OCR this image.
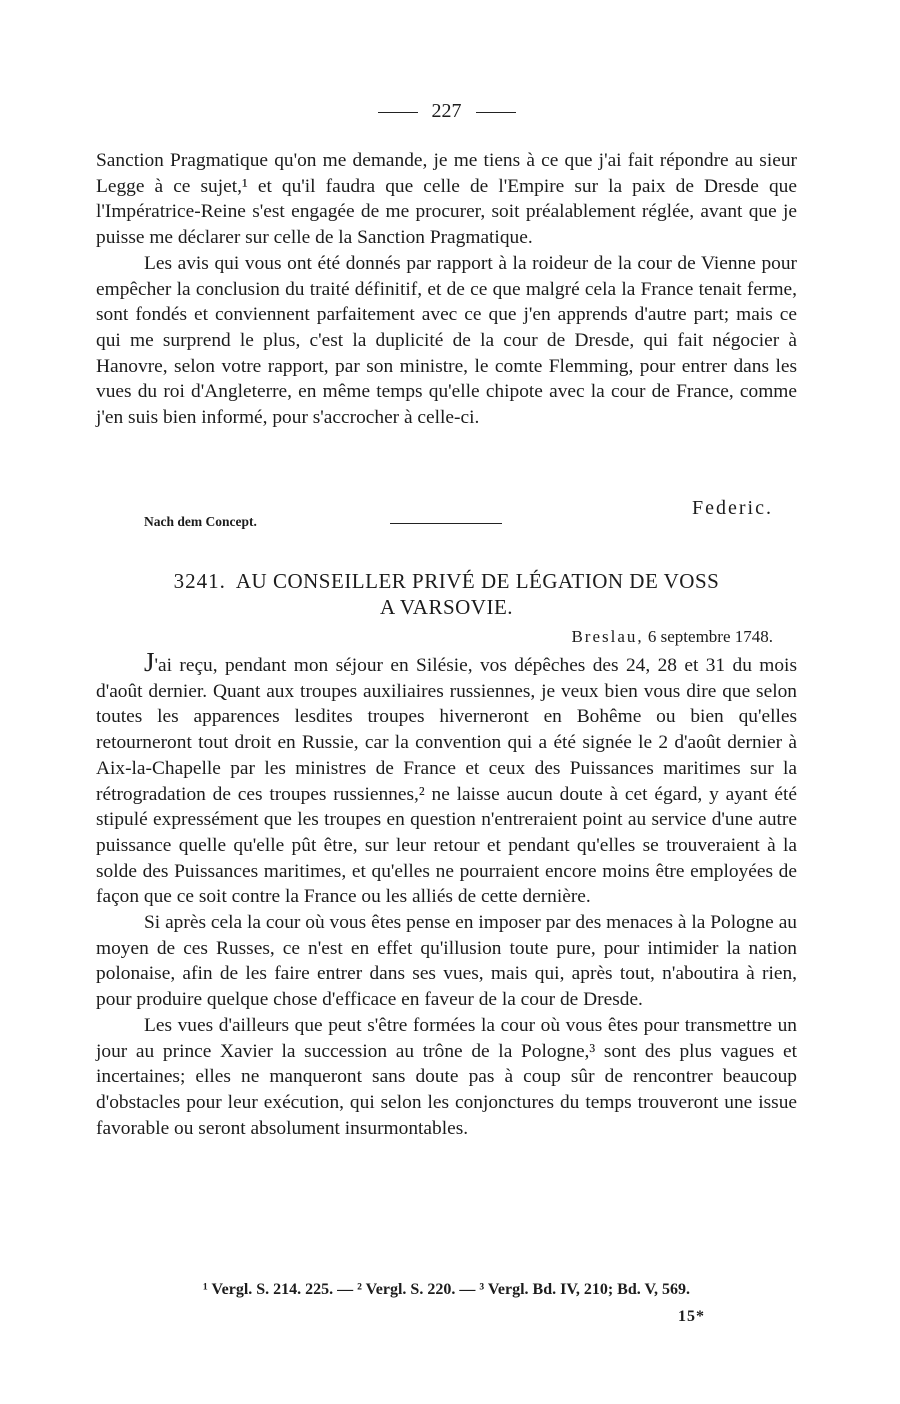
227

Sanction Pragmatique qu'on me demande, je me tiens à ce que j'ai fait répondre au sieur Legge à ce sujet,¹ et qu'il faudra que celle de l'Empire sur la paix de Dresde que l'Impératrice-Reine s'est engagée de me procurer, soit préalablement réglée, avant que je puisse me déclarer sur celle de la Sanction Pragmatique.

Les avis qui vous ont été donnés par rapport à la roideur de la cour de Vienne pour empêcher la conclusion du traité définitif, et de ce que malgré cela la France tenait ferme, sont fondés et conviennent parfaitement avec ce que j'en apprends d'autre part; mais ce qui me surprend le plus, c'est la duplicité de la cour de Dresde, qui fait négocier à Hanovre, selon votre rapport, par son ministre, le comte Flemming, pour entrer dans les vues du roi d'Angleterre, en même temps qu'elle chipote avec la cour de France, comme j'en suis bien informé, pour s'accrocher à celle-ci.

Federic.
Nach dem Concept.
3241. AU CONSEILLER PRIVÉ DE LÉGATION DE VOSS
A VARSOVIE.
Breslau, 6 septembre 1748.

J'ai reçu, pendant mon séjour en Silésie, vos dépêches des 24, 28 et 31 du mois d'août dernier. Quant aux troupes auxiliaires russiennes, je veux bien vous dire que selon toutes les apparences lesdites troupes hiverneront en Bohême ou bien qu'elles retourneront tout droit en Russie, car la convention qui a été signée le 2 d'août dernier à Aix-la-Chapelle par les ministres de France et ceux des Puissances maritimes sur la rétrogradation de ces troupes russiennes,² ne laisse aucun doute à cet égard, y ayant été stipulé expressément que les troupes en question n'entreraient point au service d'une autre puissance quelle qu'elle pût être, sur leur retour et pendant qu'elles se trouveraient à la solde des Puissances maritimes, et qu'elles ne pourraient encore moins être employées de façon que ce soit contre la France ou les alliés de cette dernière.

Si après cela la cour où vous êtes pense en imposer par des menaces à la Pologne au moyen de ces Russes, ce n'est en effet qu'illusion toute pure, pour intimider la nation polonaise, afin de les faire entrer dans ses vues, mais qui, après tout, n'aboutira à rien, pour produire quelque chose d'efficace en faveur de la cour de Dresde.

Les vues d'ailleurs que peut s'être formées la cour où vous êtes pour transmettre un jour au prince Xavier la succession au trône de la Pologne,³ sont des plus vagues et incertaines; elles ne manqueront sans doute pas à coup sûr de rencontrer beaucoup d'obstacles pour leur exécution, qui selon les conjonctures du temps trouveront une issue favorable ou seront absolument insurmontables.

¹ Vergl. S. 214. 225. — ² Vergl. S. 220. — ³ Vergl. Bd. IV, 210; Bd. V, 569.
15*
